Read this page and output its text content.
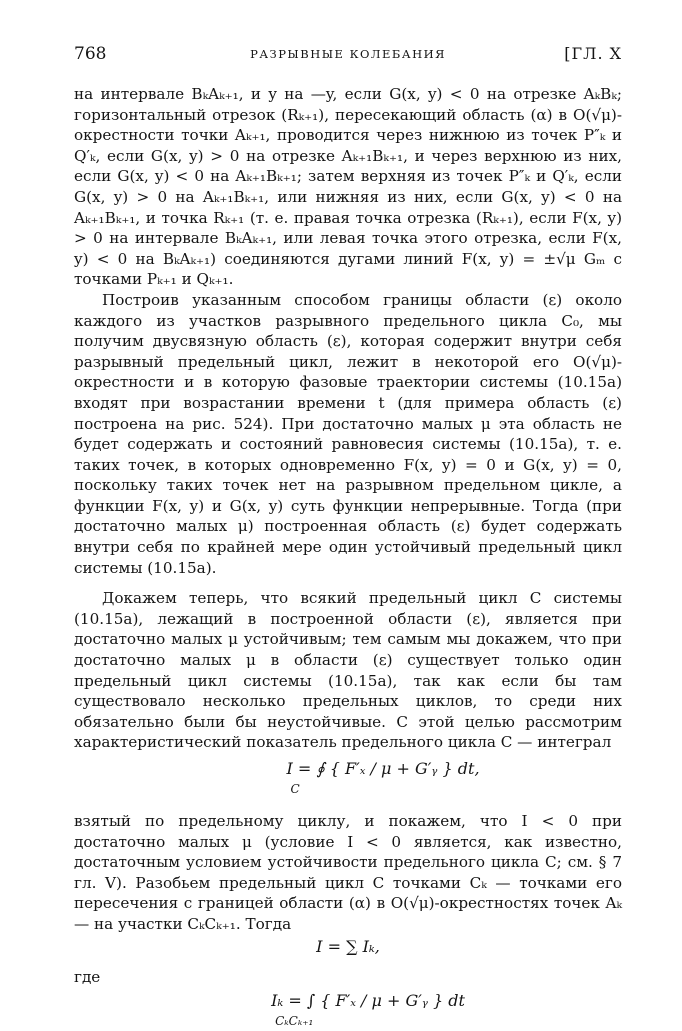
768	РАЗРЫВНЫЕ КОЛЕБАНИЯ	[ГЛ. X

на интервале BₖAₖ₊₁, и y на —y, если G(x, y) < 0 на отрезке AₖBₖ; горизонтальный отрезок (Rₖ₊₁), пересекающий область (α) в O(√μ)-окрестности точки Aₖ₊₁, проводится через нижнюю из точек P″ₖ и Q′ₖ, если G(x, y) > 0 на отрезке Aₖ₊₁Bₖ₊₁, и через верхнюю из них, если G(x, y) < 0 на Aₖ₊₁Bₖ₊₁; затем верхняя из точек P″ₖ и Q′ₖ, если G(x, y) > 0 на Aₖ₊₁Bₖ₊₁, или нижняя из них, если G(x, y) < 0 на Aₖ₊₁Bₖ₊₁, и точка Rₖ₊₁ (т. е. правая точка отрезка (Rₖ₊₁), если F(x, y) > 0 на интервале BₖAₖ₊₁, или левая точка этого отрезка, если F(x, y) < 0 на BₖAₖ₊₁) соединяются дугами линий F(x, y) = ±√μ Gₘ с точками Pₖ₊₁ и Qₖ₊₁.

Построив указанным способом границы области (ε) около каждого из участков разрывного предельного цикла C₀, мы получим двусвязную область (ε), которая содержит внутри себя разрывный предельный цикл, лежит в некоторой его O(√μ)-окрестности и в которую фазовые траектории системы (10.15а) входят при возрастании времени t (для примера область (ε) построена на рис. 524). При достаточно малых μ эта область не будет содержать и состояний равновесия системы (10.15а), т. е. таких точек, в которых одновременно F(x, y) = 0 и G(x, y) = 0, поскольку таких точек нет на разрывном предельном цикле, а функции F(x, y) и G(x, y) суть функции непрерывные. Тогда (при достаточно малых μ) построенная область (ε) будет содержать внутри себя по крайней мере один устойчивый предельный цикл системы (10.15а).

Докажем теперь, что всякий предельный цикл C системы (10.15а), лежащий в построенной области (ε), является при достаточно малых μ устойчивым; тем самым мы докажем, что при достаточно малых μ в области (ε) существует только один предельный цикл системы (10.15а), так как если бы там существовало несколько предельных циклов, то среди них обязательно были бы неустойчивые. С этой целью рассмотрим характеристический показатель предельного цикла C — интеграл

I = ∮ { F′ₓ / μ + G′ᵧ } dt,
C

взятый по предельному циклу, и покажем, что I < 0 при достаточно малых μ (условие I < 0 является, как известно, достаточным условием устойчивости предельного цикла C; см. § 7 гл. V). Разобьем предельный цикл C точками Cₖ — точками его пересечения с границей области (α) в O(√μ)-окрестностях точек Aₖ — на участки CₖCₖ₊₁. Тогда

I = ∑ Iₖ,
где
Iₖ = ∫ { F′ₓ / μ + G′ᵧ } dt
CₖCₖ₊₁
